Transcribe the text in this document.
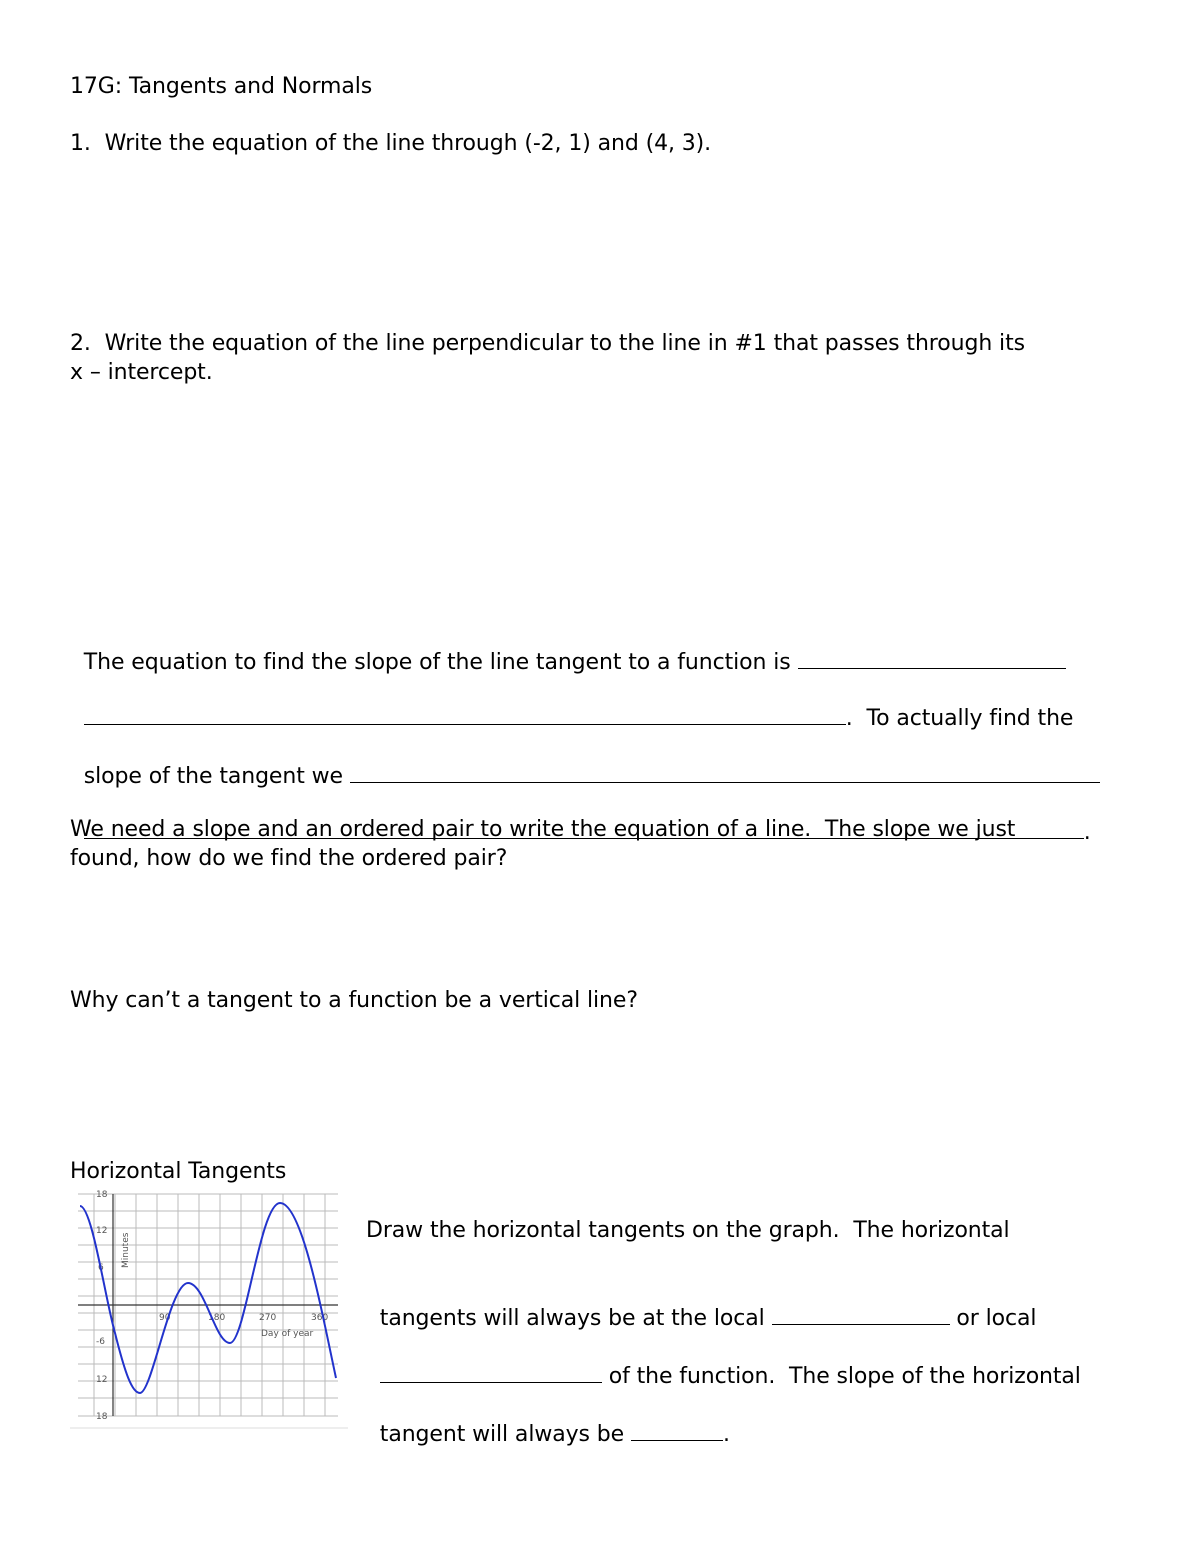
17G: Tangents and Normals
1.  Write the equation of the line through (-2, 1) and (4, 3).
2.  Write the equation of the line perpendicular to the line in #1 that passes through its
x – intercept.

The equation to find the slope of the line tangent to a function is

.  To actually find the

slope of the tangent we

.

We need a slope and an ordered pair to write the equation of a line.  The slope we just
found, how do we find the ordered pair?
Why can’t a tangent to a function be a vertical line?
Horizontal Tangents
18
12
6
-6
12
18
90	180	270	360
Minutes
Day of year
Draw the horizontal tangents on the graph.  The horizontal

tangents will always be at the local	or local

of the function.  The slope of the horizontal

tangent will always be	.
